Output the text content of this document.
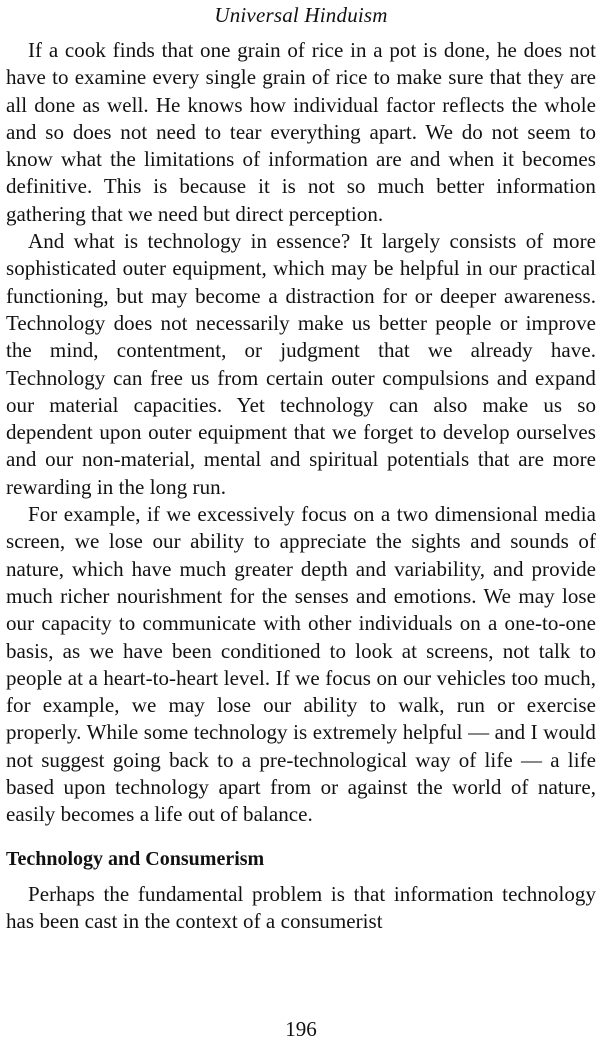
Universal Hinduism

If a cook finds that one grain of rice in a pot is done, he does not have to examine every single grain of rice to make sure that they are all done as well. He knows how individual factor reflects the whole and so does not need to tear everything apart. We do not seem to know what the limitations of information are and when it becomes definitive. This is because it is not so much better information gathering that we need but direct perception.

And what is technology in essence? It largely consists of more sophisticated outer equipment, which may be helpful in our practical functioning, but may become a distraction for or deeper awareness. Technology does not necessarily make us better people or improve the mind, contentment, or judgment that we already have. Technology can free us from certain outer compulsions and expand our material capacities. Yet technology can also make us so dependent upon outer equipment that we forget to develop ourselves and our non-material, mental and spiritual potentials that are more rewarding in the long run.

For example, if we excessively focus on a two dimensional media screen, we lose our ability to appreciate the sights and sounds of nature, which have much greater depth and variability, and provide much richer nourishment for the senses and emotions. We may lose our capacity to communicate with other individuals on a one-to-one basis, as we have been conditioned to look at screens, not talk to people at a heart-to-heart level. If we focus on our vehicles too much, for example, we may lose our ability to walk, run or exercise properly. While some technology is extremely helpful — and I would not suggest going back to a pre-technological way of life — a life based upon technology apart from or against the world of nature, easily becomes a life out of balance.

Technology and Consumerism

Perhaps the fundamental problem is that information technology has been cast in the context of a consumerist

196
